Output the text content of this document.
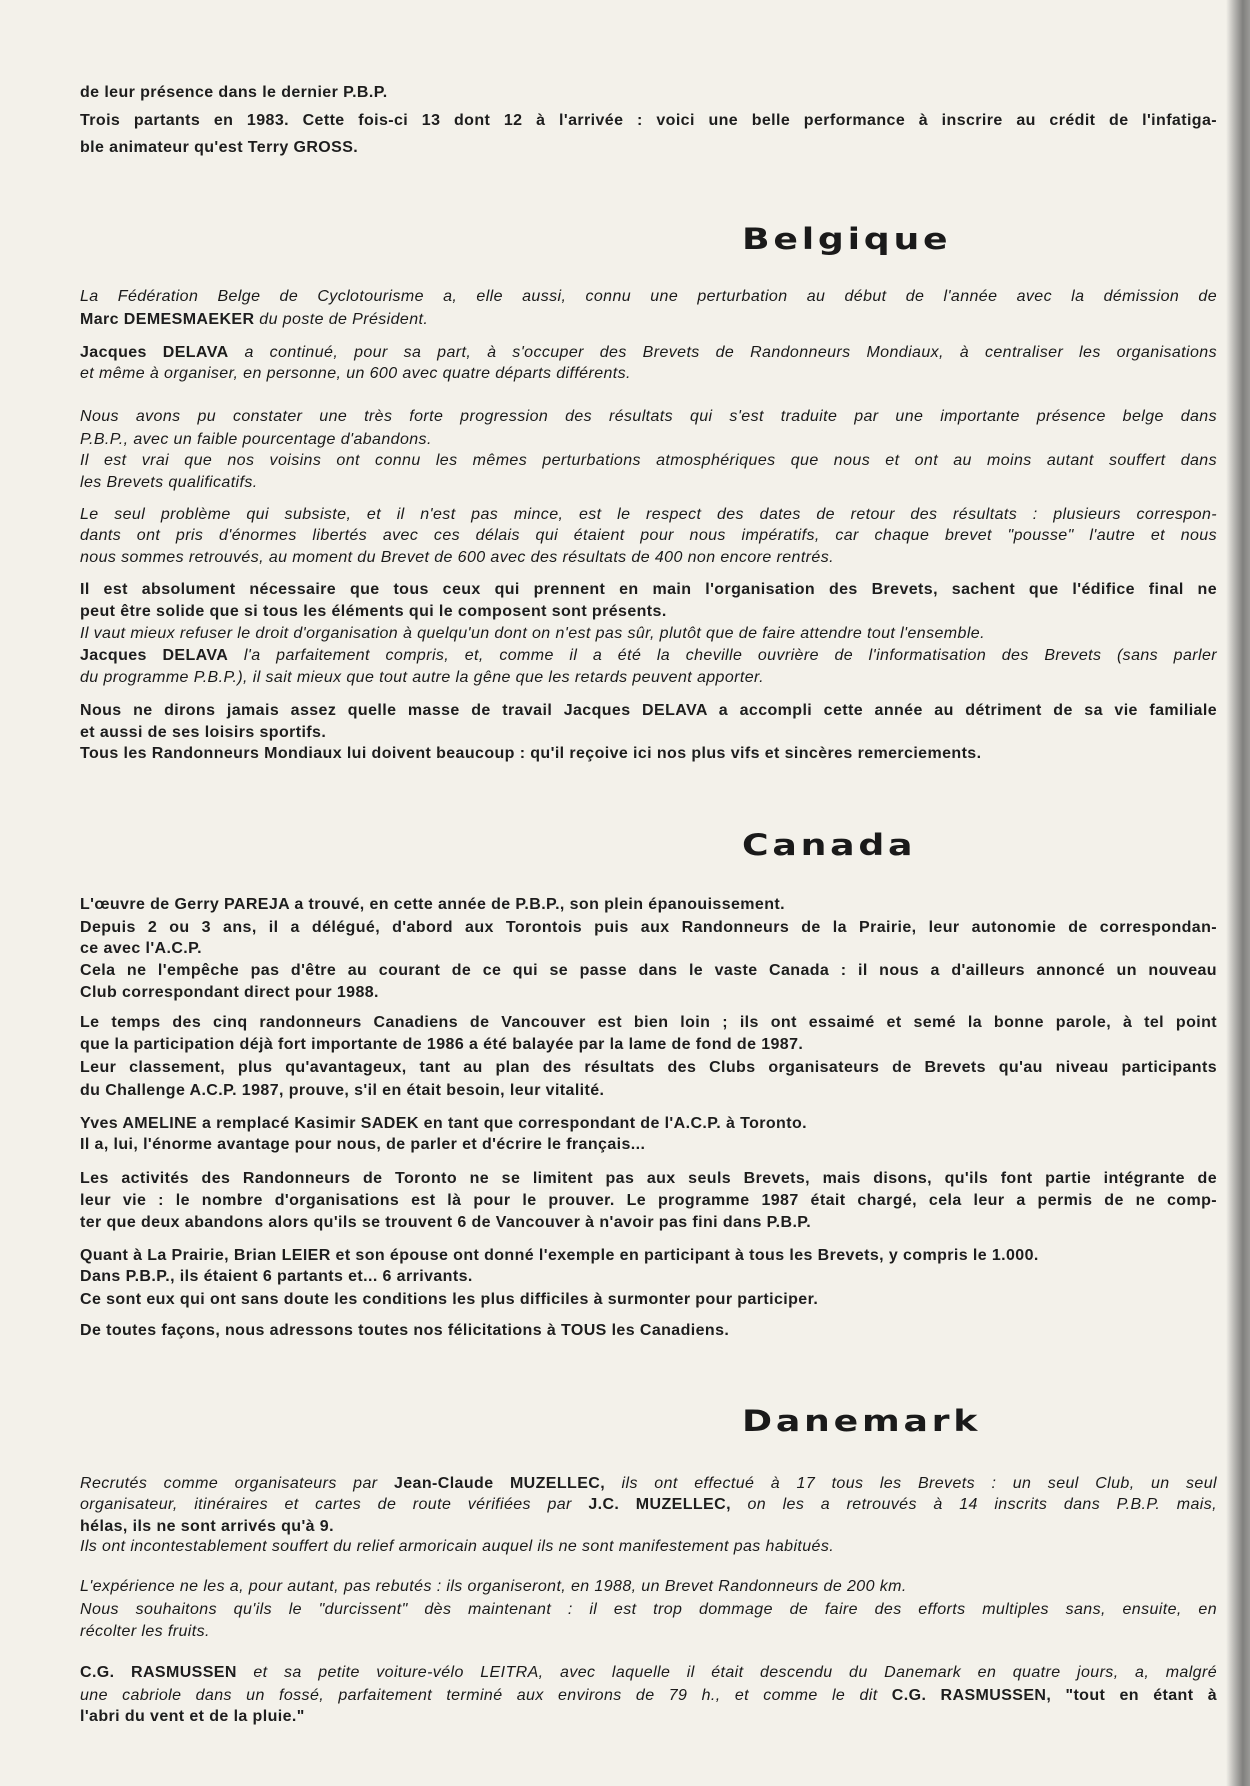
de leur présence dans le dernier P.B.P.
Trois partants en 1983. Cette fois-ci 13 dont 12 à l'arrivée : voici une belle performance à inscrire au crédit de l'infatiga-
ble animateur qu'est Terry GROSS.
Belgique
La Fédération Belge de Cyclotourisme a, elle aussi, connu une perturbation au début de l'année avec la démission de
Marc DEMESMAEKER du poste de Président.
Jacques DELAVA a continué, pour sa part, à s'occuper des Brevets de Randonneurs Mondiaux, à centraliser les organisations
et même à organiser, en personne, un 600 avec quatre départs différents.
Nous avons pu constater une très forte progression des résultats qui s'est traduite par une importante présence belge dans
P.B.P., avec un faible pourcentage d'abandons.
Il est vrai que nos voisins ont connu les mêmes perturbations atmosphériques que nous et ont au moins autant souffert dans
les Brevets qualificatifs.
Le seul problème qui subsiste, et il n'est pas mince, est le respect des dates de retour des résultats : plusieurs correspon-
dants ont pris d'énormes libertés avec ces délais qui étaient pour nous impératifs, car chaque brevet "pousse" l'autre et nous
nous sommes retrouvés, au moment du Brevet de 600 avec des résultats de 400 non encore rentrés.
Il est absolument nécessaire que tous ceux qui prennent en main l'organisation des Brevets, sachent que l'édifice final ne
peut être solide que si tous les éléments qui le composent sont présents.
Il vaut mieux refuser le droit d'organisation à quelqu'un dont on n'est pas sûr, plutôt que de faire attendre tout l'ensemble.
Jacques DELAVA l'a parfaitement compris, et, comme il a été la cheville ouvrière de l'informatisation des Brevets (sans parler
du programme P.B.P.), il sait mieux que tout autre la gêne que les retards peuvent apporter.
Nous ne dirons jamais assez quelle masse de travail Jacques DELAVA a accompli cette année au détriment de sa vie familiale
et aussi de ses loisirs sportifs.
Tous les Randonneurs Mondiaux lui doivent beaucoup : qu'il reçoive ici nos plus vifs et sincères remerciements.
Canada
L'œuvre de Gerry PAREJA a trouvé, en cette année de P.B.P., son plein épanouissement.
Depuis 2 ou 3 ans, il a délégué, d'abord aux Torontois puis aux Randonneurs de la Prairie, leur autonomie de correspondan-
ce avec l'A.C.P.
Cela ne l'empêche pas d'être au courant de ce qui se passe dans le vaste Canada : il nous a d'ailleurs annoncé un nouveau
Club correspondant direct pour 1988.
Le temps des cinq randonneurs Canadiens de Vancouver est bien loin ; ils ont essaimé et semé la bonne parole, à tel point
que la participation déjà fort importante de 1986 a été balayée par la lame de fond de 1987.
Leur classement, plus qu'avantageux, tant au plan des résultats des Clubs organisateurs de Brevets qu'au niveau participants
du Challenge A.C.P. 1987, prouve, s'il en était besoin, leur vitalité.
Yves AMELINE a remplacé Kasimir SADEK en tant que correspondant de l'A.C.P. à Toronto.
Il a, lui, l'énorme avantage pour nous, de parler et d'écrire le français...
Les activités des Randonneurs de Toronto ne se limitent pas aux seuls Brevets, mais disons, qu'ils font partie intégrante de
leur vie : le nombre d'organisations est là pour le prouver. Le programme 1987 était chargé, cela leur a permis de ne comp-
ter que deux abandons alors qu'ils se trouvent 6 de Vancouver à n'avoir pas fini dans P.B.P.
Quant à La Prairie, Brian LEIER et son épouse ont donné l'exemple en participant à tous les Brevets, y compris le 1.000.
Dans P.B.P., ils étaient 6 partants et... 6 arrivants.
Ce sont eux qui ont sans doute les conditions les plus difficiles à surmonter pour participer.
De toutes façons, nous adressons toutes nos félicitations à TOUS les Canadiens.
Danemark
Recrutés comme organisateurs par Jean-Claude MUZELLEC, ils ont effectué à 17 tous les Brevets : un seul Club, un seul
organisateur, itinéraires et cartes de route vérifiées par J.C. MUZELLEC, on les a retrouvés à 14 inscrits dans P.B.P. mais,
hélas, ils ne sont arrivés qu'à 9.
Ils ont incontestablement souffert du relief armoricain auquel ils ne sont manifestement pas habitués.
L'expérience ne les a, pour autant, pas rebutés : ils organiseront, en 1988, un Brevet Randonneurs de 200 km.
Nous souhaitons qu'ils le "durcissent" dès maintenant : il est trop dommage de faire des efforts multiples sans, ensuite, en
récolter les fruits.
C.G. RASMUSSEN et sa petite voiture-vélo LEITRA, avec laquelle il était descendu du Danemark en quatre jours, a, malgré
une cabriole dans un fossé, parfaitement terminé aux environs de 79 h., et comme le dit C.G. RASMUSSEN, "tout en étant à
l'abri du vent et de la pluie."
